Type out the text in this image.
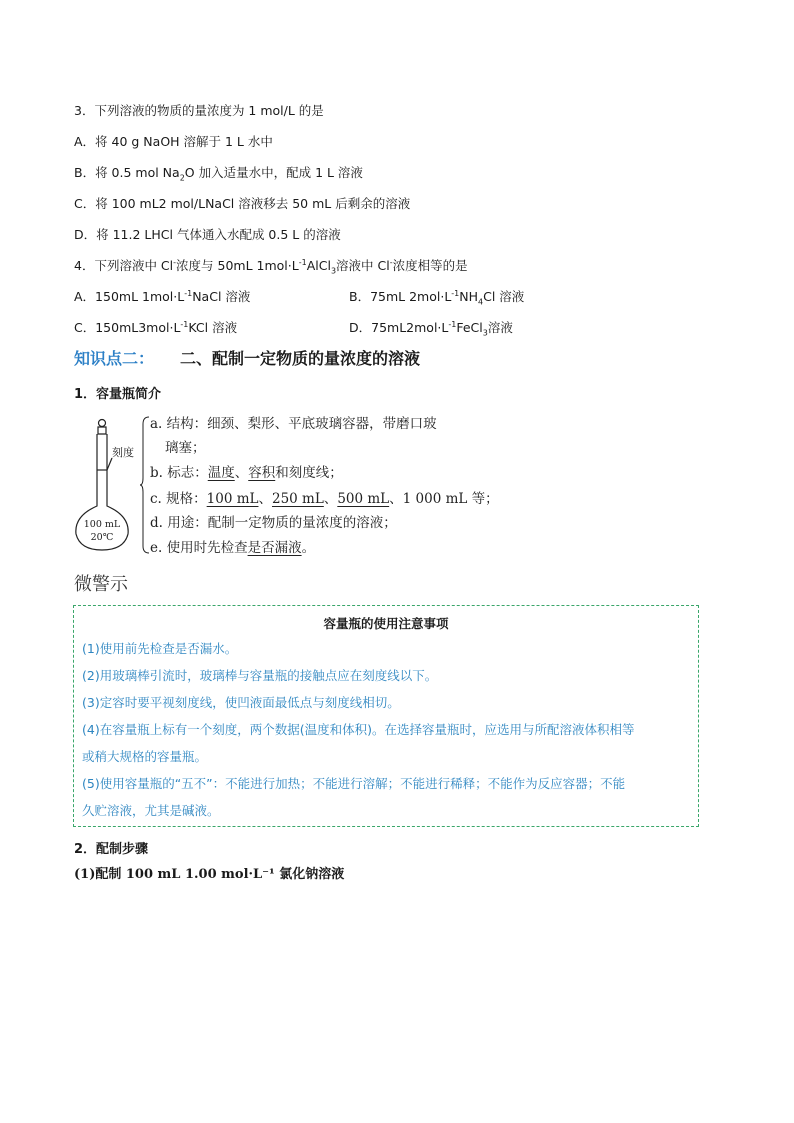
3．下列溶液的物质的量浓度为 1 mol/L 的是
A．将 40 g NaOH 溶解于 1 L 水中
B．将 0.5 mol $Na_2O$ 加入适量水中，配成 1 L 溶液
C．将 100 mL2 mol/LNaCl 溶液移去 50 mL 后剩余的溶液
D．将 11.2 LHCl 气体通入水配成 0.5 L 的溶液
4．下列溶液中 Cl-浓度与 50mL $1mol\cdot L^{-1}AlCl_3$溶液中 Cl-浓度相等的是
A．150mL $1mol\cdot L^{-1}NaCl$ 溶液	B．75mL $2mol\cdot L^{-1}NH_4Cl$ 溶液
C．$150mL3mol\cdot L^{-1}KCl$ 溶液	D．$75mL2mol\cdot L^{-1}FeCl_3$溶液
知识点二： 二、配制一定物质的量浓度的溶液
1．容量瓶简介
刻度
100 mL
20℃
a. 结构：细颈、梨形、平底玻璃容器，带磨口玻
璃塞；
b. 标志：温度、容积和刻度线；
c. 规格：100 mL、250 mL、500 mL、1 000 mL 等；
d. 用途：配制一定物质的量浓度的溶液；
e. 使用时先检查是否漏液。
微警示
容量瓶的使用注意事项
(1)使用前先检查是否漏水。
(2)用玻璃棒引流时，玻璃棒与容量瓶的接触点应在刻度线以下。
(3)定容时要平视刻度线，使凹液面最低点与刻度线相切。
(4)在容量瓶上标有一个刻度，两个数据(温度和体积)。在选择容量瓶时，应选用与所配溶液体积相等
或稍大规格的容量瓶。
(5)使用容量瓶的“五不”：不能进行加热；不能进行溶解；不能进行稀释；不能作为反应容器；不能
久贮溶液，尤其是碱液。
2．配制步骤
(1)配制 100 mL 1.00 mol·L⁻¹ 氯化钠溶液
